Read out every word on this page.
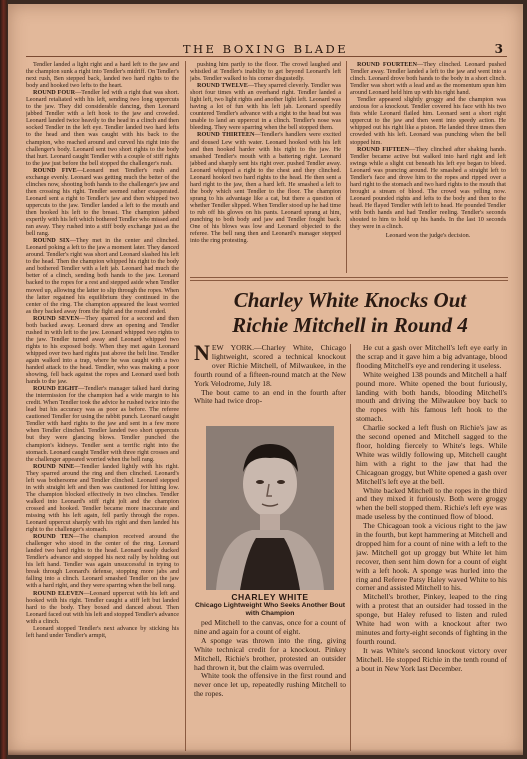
THE BOXING BLADE	3

Tendler landed a light right and a hard left to the jaw and the champion sunk a right into Tendler's midriff. On Tendler's next rush, Ben stepped back, landed two hard rights to the body and hooked two lefts to the heart.

ROUND FOUR—Tendler led with a right that was short. Leonard retaliated with his left, sending two long uppercuts to the jaw. They did considerable dancing, then Leonard jabbed Tendler with a left hook to the jaw and crowded. Leonard landed twice heavily to the head in a clinch and then socked Tendler in the left eye. Tendler landed two hard lefts to the head and then was caught with his back to the champion, who reached around and curved his right into the challenger's body. Leonard sent two short rights to the body that hurt. Leonard caught Tendler with a couple of stiff rights to the jaw just before the bell stopped the challenger's rush.

ROUND FIVE—Leonard met Tendler's rush and exchange evenly. Leonard was getting much the better of the clinches now, shooting both hands to the challenger's jaw and then crossing his right. Tendler seemed rather exasperated. Leonard sent a right to Tendler's jaw and then whipped two uppercuts to the jaw. Tendler landed a left to the mouth and then hooked his left to the breast. The champion jabbed expertly with his left which bothered Tendler who missed and ran away. They rushed into a stiff body exchange just as the bell rang.

ROUND SIX—They met in the center and clinched. Leonard poking a left to the jaw a moment later. They danced around. Tendler's right was short and Leonard slashed his left to the head. Then the champion whipped his right to the body and bothered Tendler with a left jab. Leonard had much the better of a clinch, sending both hands to the jaw. Leonard backed to the ropes for a rest and stepped aside when Tendler moved up, allowing the latter to slip through the ropes. When the latter regained his equilibrium they continued in the center of the ring. The champion appeared the least worried as they backed away from the fight and the round ended.

ROUND SEVEN—They sparred for a second and then both backed away. Leonard drew an opening and Tendler rushed in with left to the jaw. Leonard whipped two rights to the jaw. Tendler turned away and Leonard whipped two rights to his exposed body. When they met again Leonard whipped over two hard rights just above the belt line. Tendler again walked into a trap, where he was caught with a two handed attack to the head. Tendler, who was making a poor showing, fell back against the ropes and Leonard used both hands to the jaw.

ROUND EIGHT—Tendler's manager talked hard during the intermission for the champion had a wide margin to his credit. When Tendler took the advice he rushed twice into the lead but his accuracy was as poor as before. The referee cautioned Tendler for using the rabbit punch. Leonard caught Tendler with hard rights to the jaw and sent in a few more when Tendler clinched. Tendler landed two short uppercuts but they were glancing blows. Tendler punched the champion's kidneys. Tendler sent a terrific right into the stomach. Leonard caught Tendler with three right crosses and the challenger appeared worried when the bell rang.

ROUND NINE—Tendler landed lightly with his right. They sparred around the ring and then clinched. Leonard's left was bothersome and Tendler clinched. Leonard stepped in with straight left and then was cautioned for hitting low. The champion blocked effectively in two clinches. Tendler walked into Leonard's stiff right jolt and the champion crossed and hooked. Tendler became more inaccurate and missing with his left again, fell partly through the ropes. Leonard uppercut sharply with his right and then landed his right to the challenger's stomach.

ROUND TEN—The champion received around the challenger who stood in the center of the ring. Leonard landed two hard rights to the head. Leonard easily ducked Tendler's advance and stopped his next rally by holding out his left hand. Tendler was again unsuccessful in trying to break through Leonard's defense, stopping more jabs and falling into a clinch. Leonard smashed Tendler on the jaw with a hard right, and they were sparring when the bell rang.

ROUND ELEVEN—Leonard uppercut with his left and hooked with his right. Tendler caught a stiff left but landed hard to the body. They boxed and danced about. Then Leonard faced out with his left and stopped Tendler's advance with a clinch.

Leonard stopped Tendler's next advance by sticking his left hand under Tendler's armpit,

pushing him partly to the floor. The crowd laughed and whistled at Tendler's inability to get beyond Leonard's left jabs. Tendler walked to his corner disgustedly.

ROUND TWELVE—They sparred cleverly. Tendler was short four times with an overhand right. Tendler landed a light left, two light rights and another light left. Leonard was having a lot of fun with his left jab. Leonard speedily countered Tendler's advance with a right to the head but was unable to land an uppercut in a clinch. Tendler's nose was bleeding. They were sparring when the bell stopped them.

ROUND THIRTEEN—Tendler's handlers were excited and doused Lew with water. Leonard hooked with his left and then hooked harder with his right to the jaw. He smashed Tendler's mouth with a battering right. Leonard jabbed and sharply sent his right over. pushed Tendler away. Leonard whipped a right to the chest and they clinched. Leonard hooked two hard rights to the head. He then sent a hard right to the jaw, then a hard left. He smashed a left to the body which sent Tendler to the floor. The champion sprang to his advantage like a cat, but there a question of whether Tendler slipped. When Tendler stood up he had time to rub off his gloves on his pants. Leonard sprang at him, punching to both body and jaw and Tendler fought back. One of his blows was low and Leonard objected to the referee. The bell rang then and Leonard's manager stepped into the ring protesting.

ROUND FOURTEEN—They clinched. Leonard pushed Tendler away. Tendler landed a left to the jaw and went into a clinch. Leonard drove both hands to the body in a short clinch. Tendler was short with a lead and as the momentum spun him around Leonard held him up with his right hand.

Tendler appeared slightly groggy and the champion was anxious for a knockout. Tendler covered his face with his two fists while Leonard flailed him. Leonard sent a short right uppercut to the jaw and then went into speedy action. He whipped out his right like a piston. He landed three times then crowded with his left. Leonard was punching when the bell stopped him.

ROUND FIFTEEN—They clinched after shaking hands. Tendler became active but walked into hard right and left swings while a slight cut beneath his left eye began to bleed. Leonard was prancing around. He smashed a straight left to Tendler's face and drove him to the ropes and ripped over a hard right to the stomach and two hard rights to the mouth that brought a stream of blood. The crowd was yelling now. Leonard pounded rights and lefts to the body and then to the head. He flayed Tendler with left to head. He pounded Tendler with both hands and had Tendler reeling. Tendler's seconds shouted to him to hold up his hands. In the last 10 seconds they were in a clinch.

Leonard won the judge's decision.

Charley White Knocks Out
Richie Mitchell in Round 4

NEW YORK.—Charley White, Chicago lightweight, scored a technical knockout over Richie Mitchell, of Milwaukee, in the fourth round of a fifteen-round match at the New York Velodrome, July 18.

The bout came to an end in the fourth after White had twice drop-

CHARLEY WHITE
Chicago Lightweight Who Seeks Another Bout with Champion

ped Mitchell to the canvas, once for a count of nine and again for a count of eight.

A sponge was thrown into the ring, giving White technical credit for a knockout. Pinkey Mitchell, Richie's brother, protested an outsider had thrown it, but the claim was overruled.

White took the offensive in the first round and never once let up, repeatedly rushing Mitchell to the ropes.

He cut a gash over Mitchell's left eye early in the scrap and it gave him a big advantage, blood flooding Mitchell's eye and rendering it useless.

White weighed 138 pounds and Mitchell a half pound more. White opened the bout furiously, landing with both hands, blooding Mitchell's mouth and driving the Milwaukee boy back to the ropes with his famous left hook to the stomach.

Charlie socked a left flush on Richie's jaw as the second opened and Mitchell sagged to the floor, holding fiercely to White's legs. While White was wildly following up, Mitchell caught him with a right to the jaw that had the Chicagoan groggy, but White opened a gash over Mitchell's left eye at the bell.

White backed Mitchell to the ropes in the third and they mixed it furiously. Both were groggy when the bell stopped them. Richie's left eye was made useless by the continued flow of blood.

The Chicagoan took a vicious right to the jaw in the fourth, but kept hammering at Mitchell and dropped him for a count of nine with a left to the jaw. Mitchell got up groggy but White let him recover, then sent him down for a count of eight with a left hook. A sponge was hurled into the ring and Referee Patsy Haley waved White to his corner and assisted Mitchell to his.

Mitchell's brother, Pinkey, leaped to the ring with a protest that an outsider had tossed in the sponge, but Haley refused to listen and ruled White had won with a knockout after two minutes and forty-eight seconds of fighting in the fourth round.

It was White's second knockout victory over Mitchell. He stopped Richie in the tenth round of a bout in New York last December.
